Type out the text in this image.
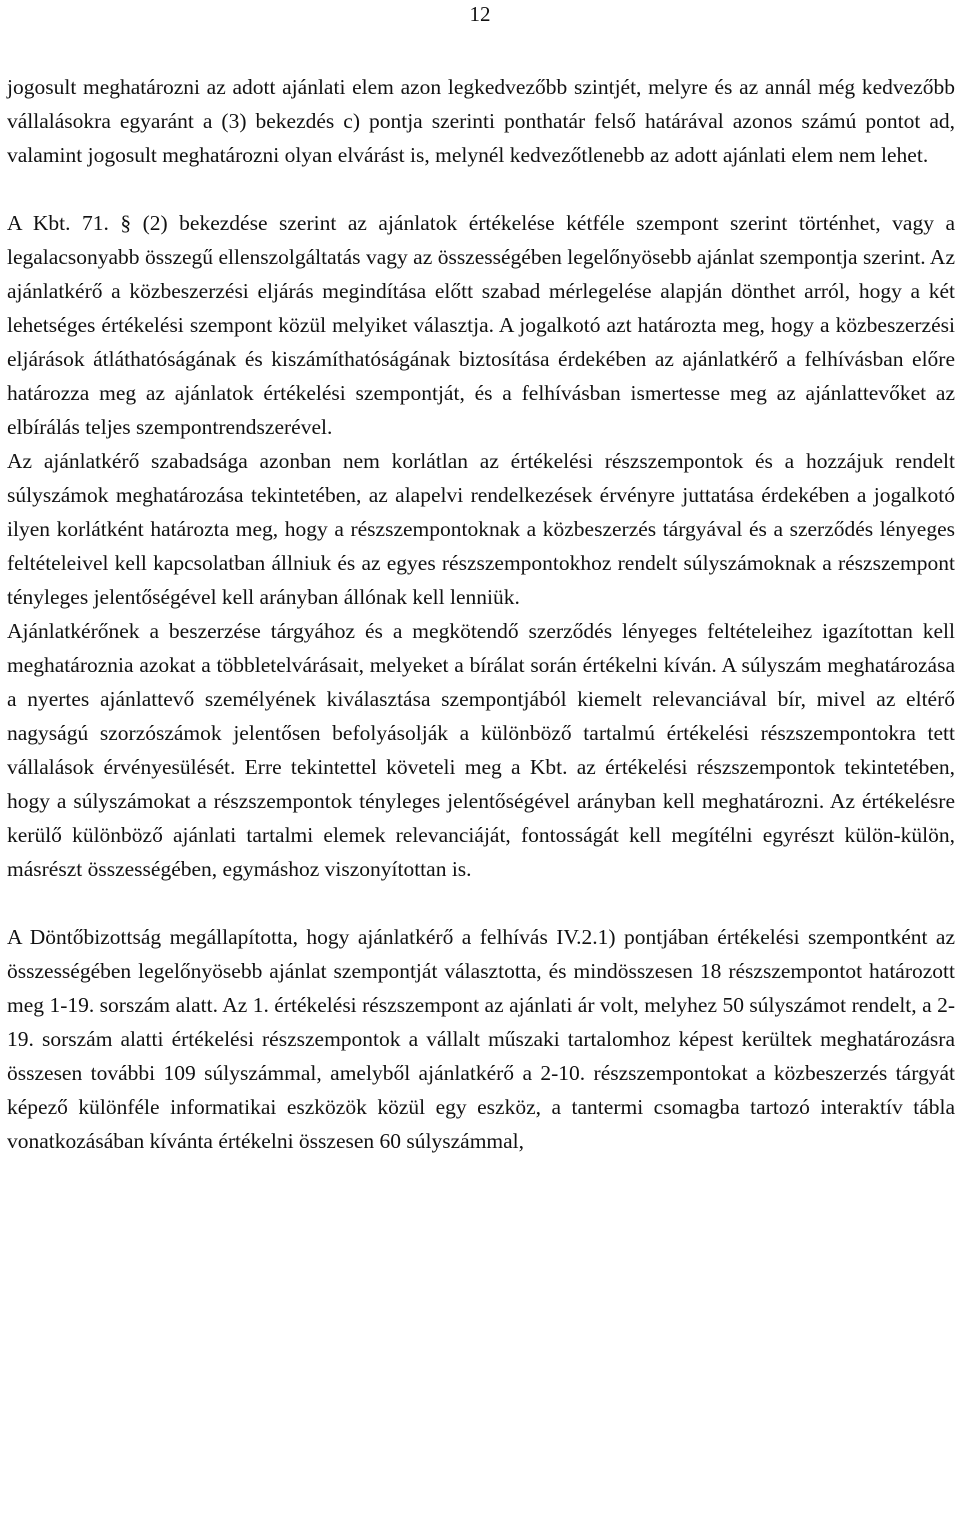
12

jogosult meghatározni az adott ajánlati elem azon legkedvezőbb szintjét, melyre és az annál még kedvezőbb vállalásokra egyaránt a (3) bekezdés c) pontja szerinti ponthatár felső határával azonos számú pontot ad, valamint jogosult meghatározni olyan elvárást is, melynél kedvezőtlenebb az adott ajánlati elem nem lehet.

A Kbt. 71. § (2) bekezdése szerint az ajánlatok értékelése kétféle szempont szerint történhet, vagy a legalacsonyabb összegű ellenszolgáltatás vagy az összességében legelőnyösebb ajánlat szempontja szerint. Az ajánlatkérő a közbeszerzési eljárás megindítása előtt szabad mérlegelése alapján dönthet arról, hogy a két lehetséges értékelési szempont közül melyiket választja. A jogalkotó azt határozta meg, hogy a közbeszerzési eljárások átláthatóságának és kiszámíthatóságának biztosítása érdekében az ajánlatkérő a felhívásban előre határozza meg az ajánlatok értékelési szempontját, és a felhívásban ismertesse meg az ajánlattevőket az elbírálás teljes szempontrendszerével.

Az ajánlatkérő szabadsága azonban nem korlátlan az értékelési részszempontok és a hozzájuk rendelt súlyszámok meghatározása tekintetében, az alapelvi rendelkezések érvényre juttatása érdekében a jogalkotó ilyen korlátként határozta meg, hogy a részszempontoknak a közbeszerzés tárgyával és a szerződés lényeges feltételeivel kell kapcsolatban állniuk és az egyes részszempontokhoz rendelt súlyszámoknak a részszempont tényleges jelentőségével kell arányban állónak kell lenniük.

Ajánlatkérőnek a beszerzése tárgyához és a megkötendő szerződés lényeges feltételeihez igazítottan kell meghatároznia azokat a többletelvárásait, melyeket a bírálat során értékelni kíván. A súlyszám meghatározása a nyertes ajánlattevő személyének kiválasztása szempontjából kiemelt relevanciával bír, mivel az eltérő nagyságú szorzószámok jelentősen befolyásolják a különböző tartalmú értékelési részszempontokra tett vállalások érvényesülését. Erre tekintettel követeli meg a Kbt. az értékelési részszempontok tekintetében, hogy a súlyszámokat a részszempontok tényleges jelentőségével arányban kell meghatározni. Az értékelésre kerülő különböző ajánlati tartalmi elemek relevanciáját, fontosságát kell megítélni egyrészt külön-külön, másrészt összességében, egymáshoz viszonyítottan is.

A Döntőbizottság megállapította, hogy ajánlatkérő a felhívás IV.2.1) pontjában értékelési szempontként az összességében legelőnyösebb ajánlat szempontját választotta, és mindösszesen 18 részszempontot határozott meg 1-19. sorszám alatt. Az 1. értékelési részszempont az ajánlati ár volt, melyhez 50 súlyszámot rendelt, a 2-19. sorszám alatti értékelési részszempontok a vállalt műszaki tartalomhoz képest kerültek meghatározásra összesen további 109 súlyszámmal, amelyből ajánlatkérő a 2-10. részszempontokat a közbeszerzés tárgyát képező különféle informatikai eszközök közül egy eszköz, a tantermi csomagba tartozó interaktív tábla vonatkozásában kívánta értékelni összesen 60 súlyszámmal,
